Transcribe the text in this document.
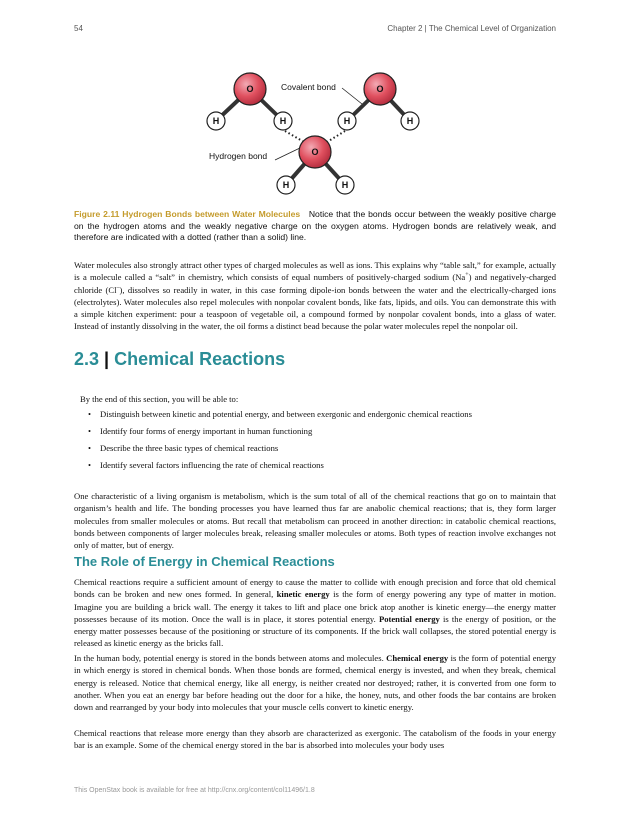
54	Chapter 2 | The Chemical Level of Organization
O	O
O
H	H	H	H
H	H
Covalent bond
Hydrogen bond
Figure 2.11 Hydrogen Bonds between Water Molecules Notice that the bonds occur between the weakly positive charge on the hydrogen atoms and the weakly negative charge on the oxygen atoms. Hydrogen bonds are relatively weak, and therefore are indicated with a dotted (rather than a solid) line.

Water molecules also strongly attract other types of charged molecules as well as ions. This explains why “table salt,” for example, actually is a molecule called a “salt” in chemistry, which consists of equal numbers of positively-charged sodium (Na+) and negatively-charged chloride (Cl–), dissolves so readily in water, in this case forming dipole-ion bonds between the water and the electrically-charged ions (electrolytes). Water molecules also repel molecules with nonpolar covalent bonds, like fats, lipids, and oils. You can demonstrate this with a simple kitchen experiment: pour a teaspoon of vegetable oil, a compound formed by nonpolar covalent bonds, into a glass of water. Instead of instantly dissolving in the water, the oil forms a distinct bead because the polar water molecules repel the nonpolar oil.

2.3 | Chemical Reactions

By the end of this section, you will be able to:

• Distinguish between kinetic and potential energy, and between exergonic and endergonic chemical reactions
• Identify four forms of energy important in human functioning
• Describe the three basic types of chemical reactions
• Identify several factors influencing the rate of chemical reactions

One characteristic of a living organism is metabolism, which is the sum total of all of the chemical reactions that go on to maintain that organism’s health and life. The bonding processes you have learned thus far are anabolic chemical reactions; that is, they form larger molecules from smaller molecules or atoms. But recall that metabolism can proceed in another direction: in catabolic chemical reactions, bonds between components of larger molecules break, releasing smaller molecules or atoms. Both types of reaction involve exchanges not only of matter, but of energy.

The Role of Energy in Chemical Reactions

Chemical reactions require a sufficient amount of energy to cause the matter to collide with enough precision and force that old chemical bonds can be broken and new ones formed. In general, kinetic energy is the form of energy powering any type of matter in motion. Imagine you are building a brick wall. The energy it takes to lift and place one brick atop another is kinetic energy—the energy matter possesses because of its motion. Once the wall is in place, it stores potential energy. Potential energy is the energy of position, or the energy matter possesses because of the positioning or structure of its components. If the brick wall collapses, the stored potential energy is released as kinetic energy as the bricks fall.

In the human body, potential energy is stored in the bonds between atoms and molecules. Chemical energy is the form of potential energy in which energy is stored in chemical bonds. When those bonds are formed, chemical energy is invested, and when they break, chemical energy is released. Notice that chemical energy, like all energy, is neither created nor destroyed; rather, it is converted from one form to another. When you eat an energy bar before heading out the door for a hike, the honey, nuts, and other foods the bar contains are broken down and rearranged by your body into molecules that your muscle cells convert to kinetic energy.

Chemical reactions that release more energy than they absorb are characterized as exergonic. The catabolism of the foods in your energy bar is an example. Some of the chemical energy stored in the bar is absorbed into molecules your body uses

This OpenStax book is available for free at http://cnx.org/content/col11496/1.8
